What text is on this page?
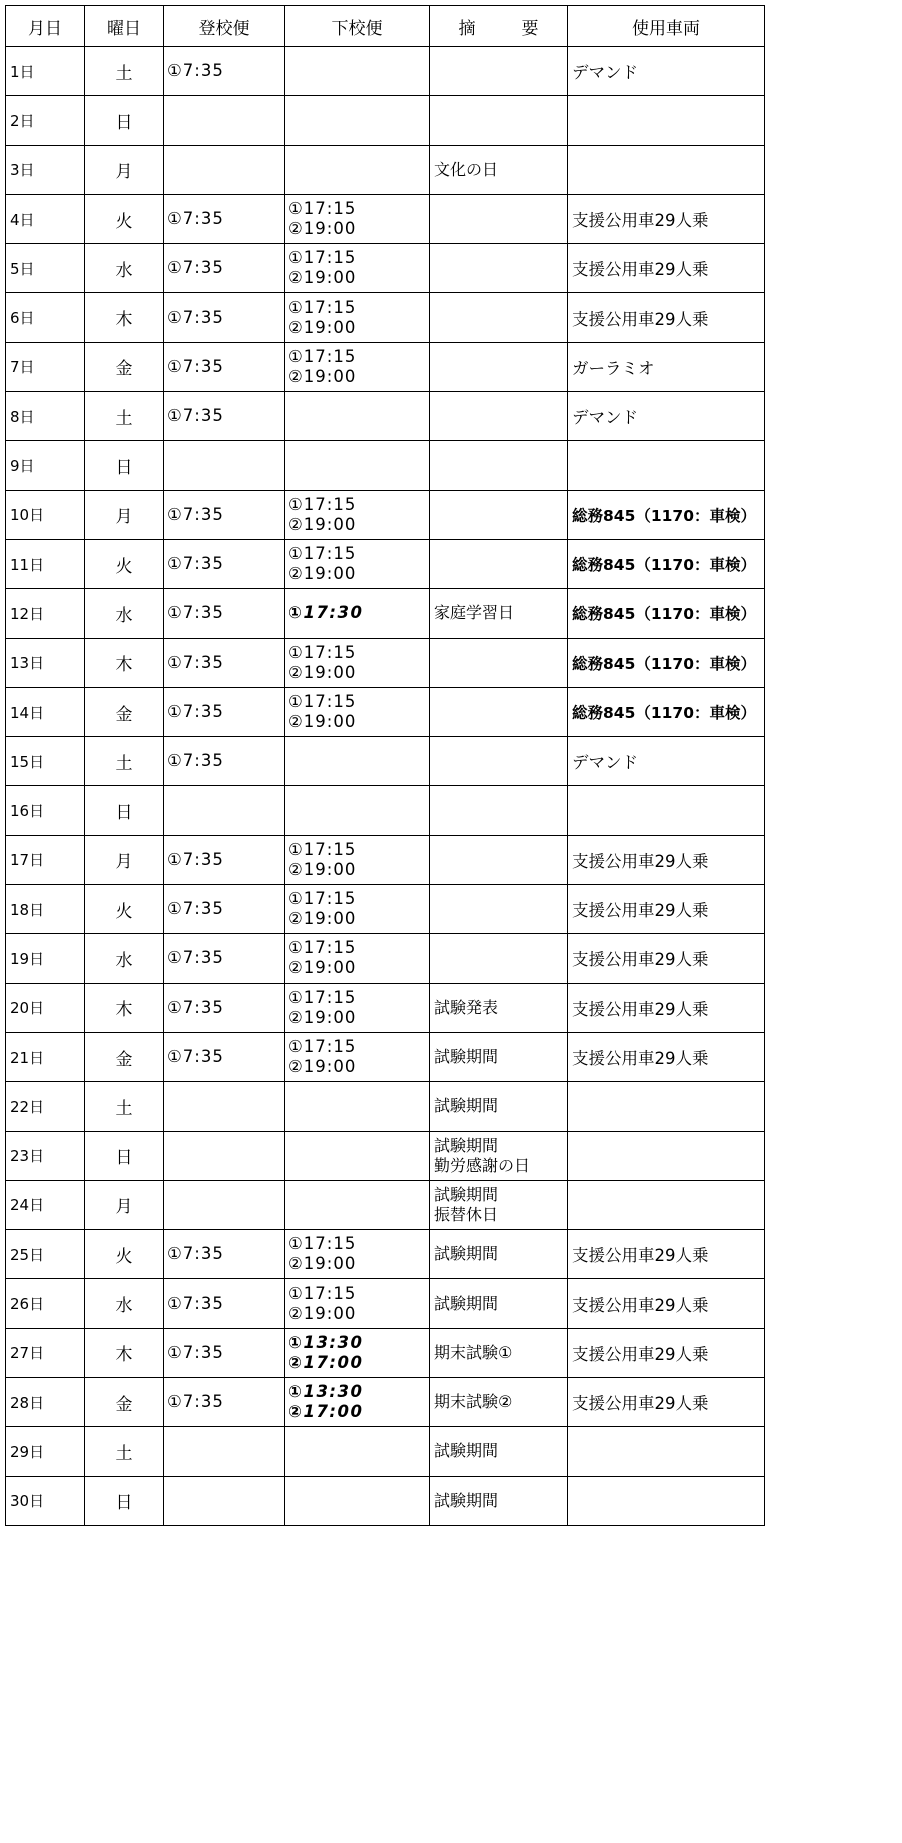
月日	曜日	登校便	下校便	摘 要	使用車両
1日	土	①7:35			デマンド
2日	日				
3日	月			文化の日	

4日	火	①7:35	①17:15
②19:00		支援公用車29人乗
5日	水	①7:35	①17:15
②19:00		支援公用車29人乗
6日	木	①7:35	①17:15
②19:00		支援公用車29人乗
7日	金	①7:35	①17:15
②19:00		ガーラミオ
8日	土	①7:35			デマンド
9日	日				
10日	月	①7:35	①17:15
②19:00		総務845（1170：車検）
11日	火	①7:35	①17:15
②19:00		総務845（1170：車検）
12日	水	①7:35	①17:30	家庭学習日	総務845（1170：車検）
13日	木	①7:35	①17:15
②19:00		総務845（1170：車検）
14日	金	①7:35	①17:15
②19:00		総務845（1170：車検）
15日	土	①7:35			デマンド
16日	日				
17日	月	①7:35	①17:15
②19:00		支援公用車29人乗
18日	火	①7:35	①17:15
②19:00		支援公用車29人乗
19日	水	①7:35	①17:15
②19:00		支援公用車29人乗
20日	木	①7:35	①17:15
②19:00	試験発表	支援公用車29人乗
21日	金	①7:35	①17:15
②19:00	試験期間	支援公用車29人乗
22日	土			試験期間	

23日	日			試験期間
勤労感謝の日	

24日	月			試験期間
振替休日	

25日	火	①7:35	①17:15
②19:00	試験期間	支援公用車29人乗
26日	水	①7:35	①17:15
②19:00	試験期間	支援公用車29人乗
27日	木	①7:35	①13:30
②17:00	期末試験①	支援公用車29人乗
28日	金	①7:35	①13:30
②17:00	期末試験②	支援公用車29人乗
29日	土			試験期間	

30日	日			試験期間	
